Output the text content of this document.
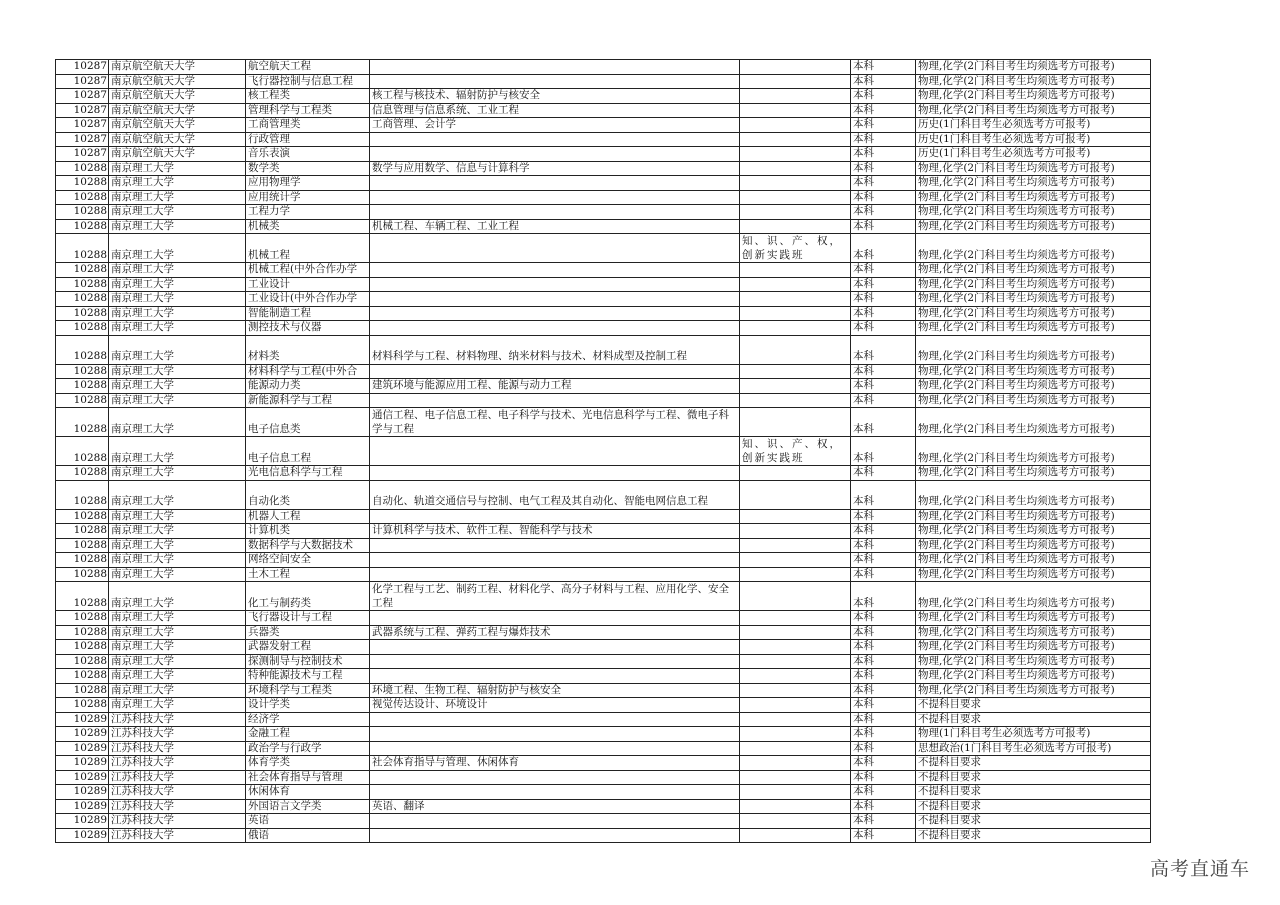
10287	南京航空航天大学	航空航天工程			本科	物理,化学(2门科目考生均须选考方可报考)
10287	南京航空航天大学	飞行器控制与信息工程			本科	物理,化学(2门科目考生均须选考方可报考)
10287	南京航空航天大学	核工程类	核工程与核技术、辐射防护与核安全		本科	物理,化学(2门科目考生均须选考方可报考)
10287	南京航空航天大学	管理科学与工程类	信息管理与信息系统、工业工程		本科	物理,化学(2门科目考生均须选考方可报考)
10287	南京航空航天大学	工商管理类	工商管理、会计学		本科	历史(1门科目考生必须选考方可报考)
10287	南京航空航天大学	行政管理			本科	历史(1门科目考生必须选考方可报考)
10287	南京航空航天大学	音乐表演			本科	历史(1门科目考生必须选考方可报考)
10288	南京理工大学	数学类	数学与应用数学、信息与计算科学		本科	物理,化学(2门科目考生均须选考方可报考)
10288	南京理工大学	应用物理学			本科	物理,化学(2门科目考生均须选考方可报考)
10288	南京理工大学	应用统计学			本科	物理,化学(2门科目考生均须选考方可报考)
10288	南京理工大学	工程力学			本科	物理,化学(2门科目考生均须选考方可报考)
10288	南京理工大学	机械类	机械工程、车辆工程、工业工程		本科	物理,化学(2门科目考生均须选考方可报考)
10288	南京理工大学	机械工程		知、识、产、权，创新实践班	本科	物理,化学(2门科目考生均须选考方可报考)
10288	南京理工大学	机械工程(中外合作办学			本科	物理,化学(2门科目考生均须选考方可报考)
10288	南京理工大学	工业设计			本科	物理,化学(2门科目考生均须选考方可报考)
10288	南京理工大学	工业设计(中外合作办学			本科	物理,化学(2门科目考生均须选考方可报考)
10288	南京理工大学	智能制造工程			本科	物理,化学(2门科目考生均须选考方可报考)
10288	南京理工大学	测控技术与仪器			本科	物理,化学(2门科目考生均须选考方可报考)
10288	南京理工大学	材料类	材料科学与工程、材料物理、纳米材料与技术、材料成型及控制工程		本科	物理,化学(2门科目考生均须选考方可报考)
10288	南京理工大学	材料科学与工程(中外合			本科	物理,化学(2门科目考生均须选考方可报考)
10288	南京理工大学	能源动力类	建筑环境与能源应用工程、能源与动力工程		本科	物理,化学(2门科目考生均须选考方可报考)
10288	南京理工大学	新能源科学与工程			本科	物理,化学(2门科目考生均须选考方可报考)
10288	南京理工大学	电子信息类	通信工程、电子信息工程、电子科学与技术、光电信息科学与工程、微电子科学与工程		本科	物理,化学(2门科目考生均须选考方可报考)
10288	南京理工大学	电子信息工程		知、识、产、权，创新实践班	本科	物理,化学(2门科目考生均须选考方可报考)
10288	南京理工大学	光电信息科学与工程			本科	物理,化学(2门科目考生均须选考方可报考)
10288	南京理工大学	自动化类	自动化、轨道交通信号与控制、电气工程及其自动化、智能电网信息工程		本科	物理,化学(2门科目考生均须选考方可报考)
10288	南京理工大学	机器人工程			本科	物理,化学(2门科目考生均须选考方可报考)
10288	南京理工大学	计算机类	计算机科学与技术、软件工程、智能科学与技术		本科	物理,化学(2门科目考生均须选考方可报考)
10288	南京理工大学	数据科学与大数据技术			本科	物理,化学(2门科目考生均须选考方可报考)
10288	南京理工大学	网络空间安全			本科	物理,化学(2门科目考生均须选考方可报考)
10288	南京理工大学	土木工程			本科	物理,化学(2门科目考生均须选考方可报考)
10288	南京理工大学	化工与制药类	化学工程与工艺、制药工程、材料化学、高分子材料与工程、应用化学、安全工程		本科	物理,化学(2门科目考生均须选考方可报考)
10288	南京理工大学	飞行器设计与工程			本科	物理,化学(2门科目考生均须选考方可报考)
10288	南京理工大学	兵器类	武器系统与工程、弹药工程与爆炸技术		本科	物理,化学(2门科目考生均须选考方可报考)
10288	南京理工大学	武器发射工程			本科	物理,化学(2门科目考生均须选考方可报考)
10288	南京理工大学	探测制导与控制技术			本科	物理,化学(2门科目考生均须选考方可报考)
10288	南京理工大学	特种能源技术与工程			本科	物理,化学(2门科目考生均须选考方可报考)
10288	南京理工大学	环境科学与工程类	环境工程、生物工程、辐射防护与核安全		本科	物理,化学(2门科目考生均须选考方可报考)
10288	南京理工大学	设计学类	视觉传达设计、环境设计		本科	不提科目要求
10289	江苏科技大学	经济学			本科	不提科目要求
10289	江苏科技大学	金融工程			本科	物理(1门科目考生必须选考方可报考)
10289	江苏科技大学	政治学与行政学			本科	思想政治(1门科目考生必须选考方可报考)
10289	江苏科技大学	体育学类	社会体育指导与管理、休闲体育		本科	不提科目要求
10289	江苏科技大学	社会体育指导与管理			本科	不提科目要求
10289	江苏科技大学	休闲体育			本科	不提科目要求
10289	江苏科技大学	外国语言文学类	英语、翻译		本科	不提科目要求
10289	江苏科技大学	英语			本科	不提科目要求
10289	江苏科技大学	俄语			本科	不提科目要求
高考直通车
